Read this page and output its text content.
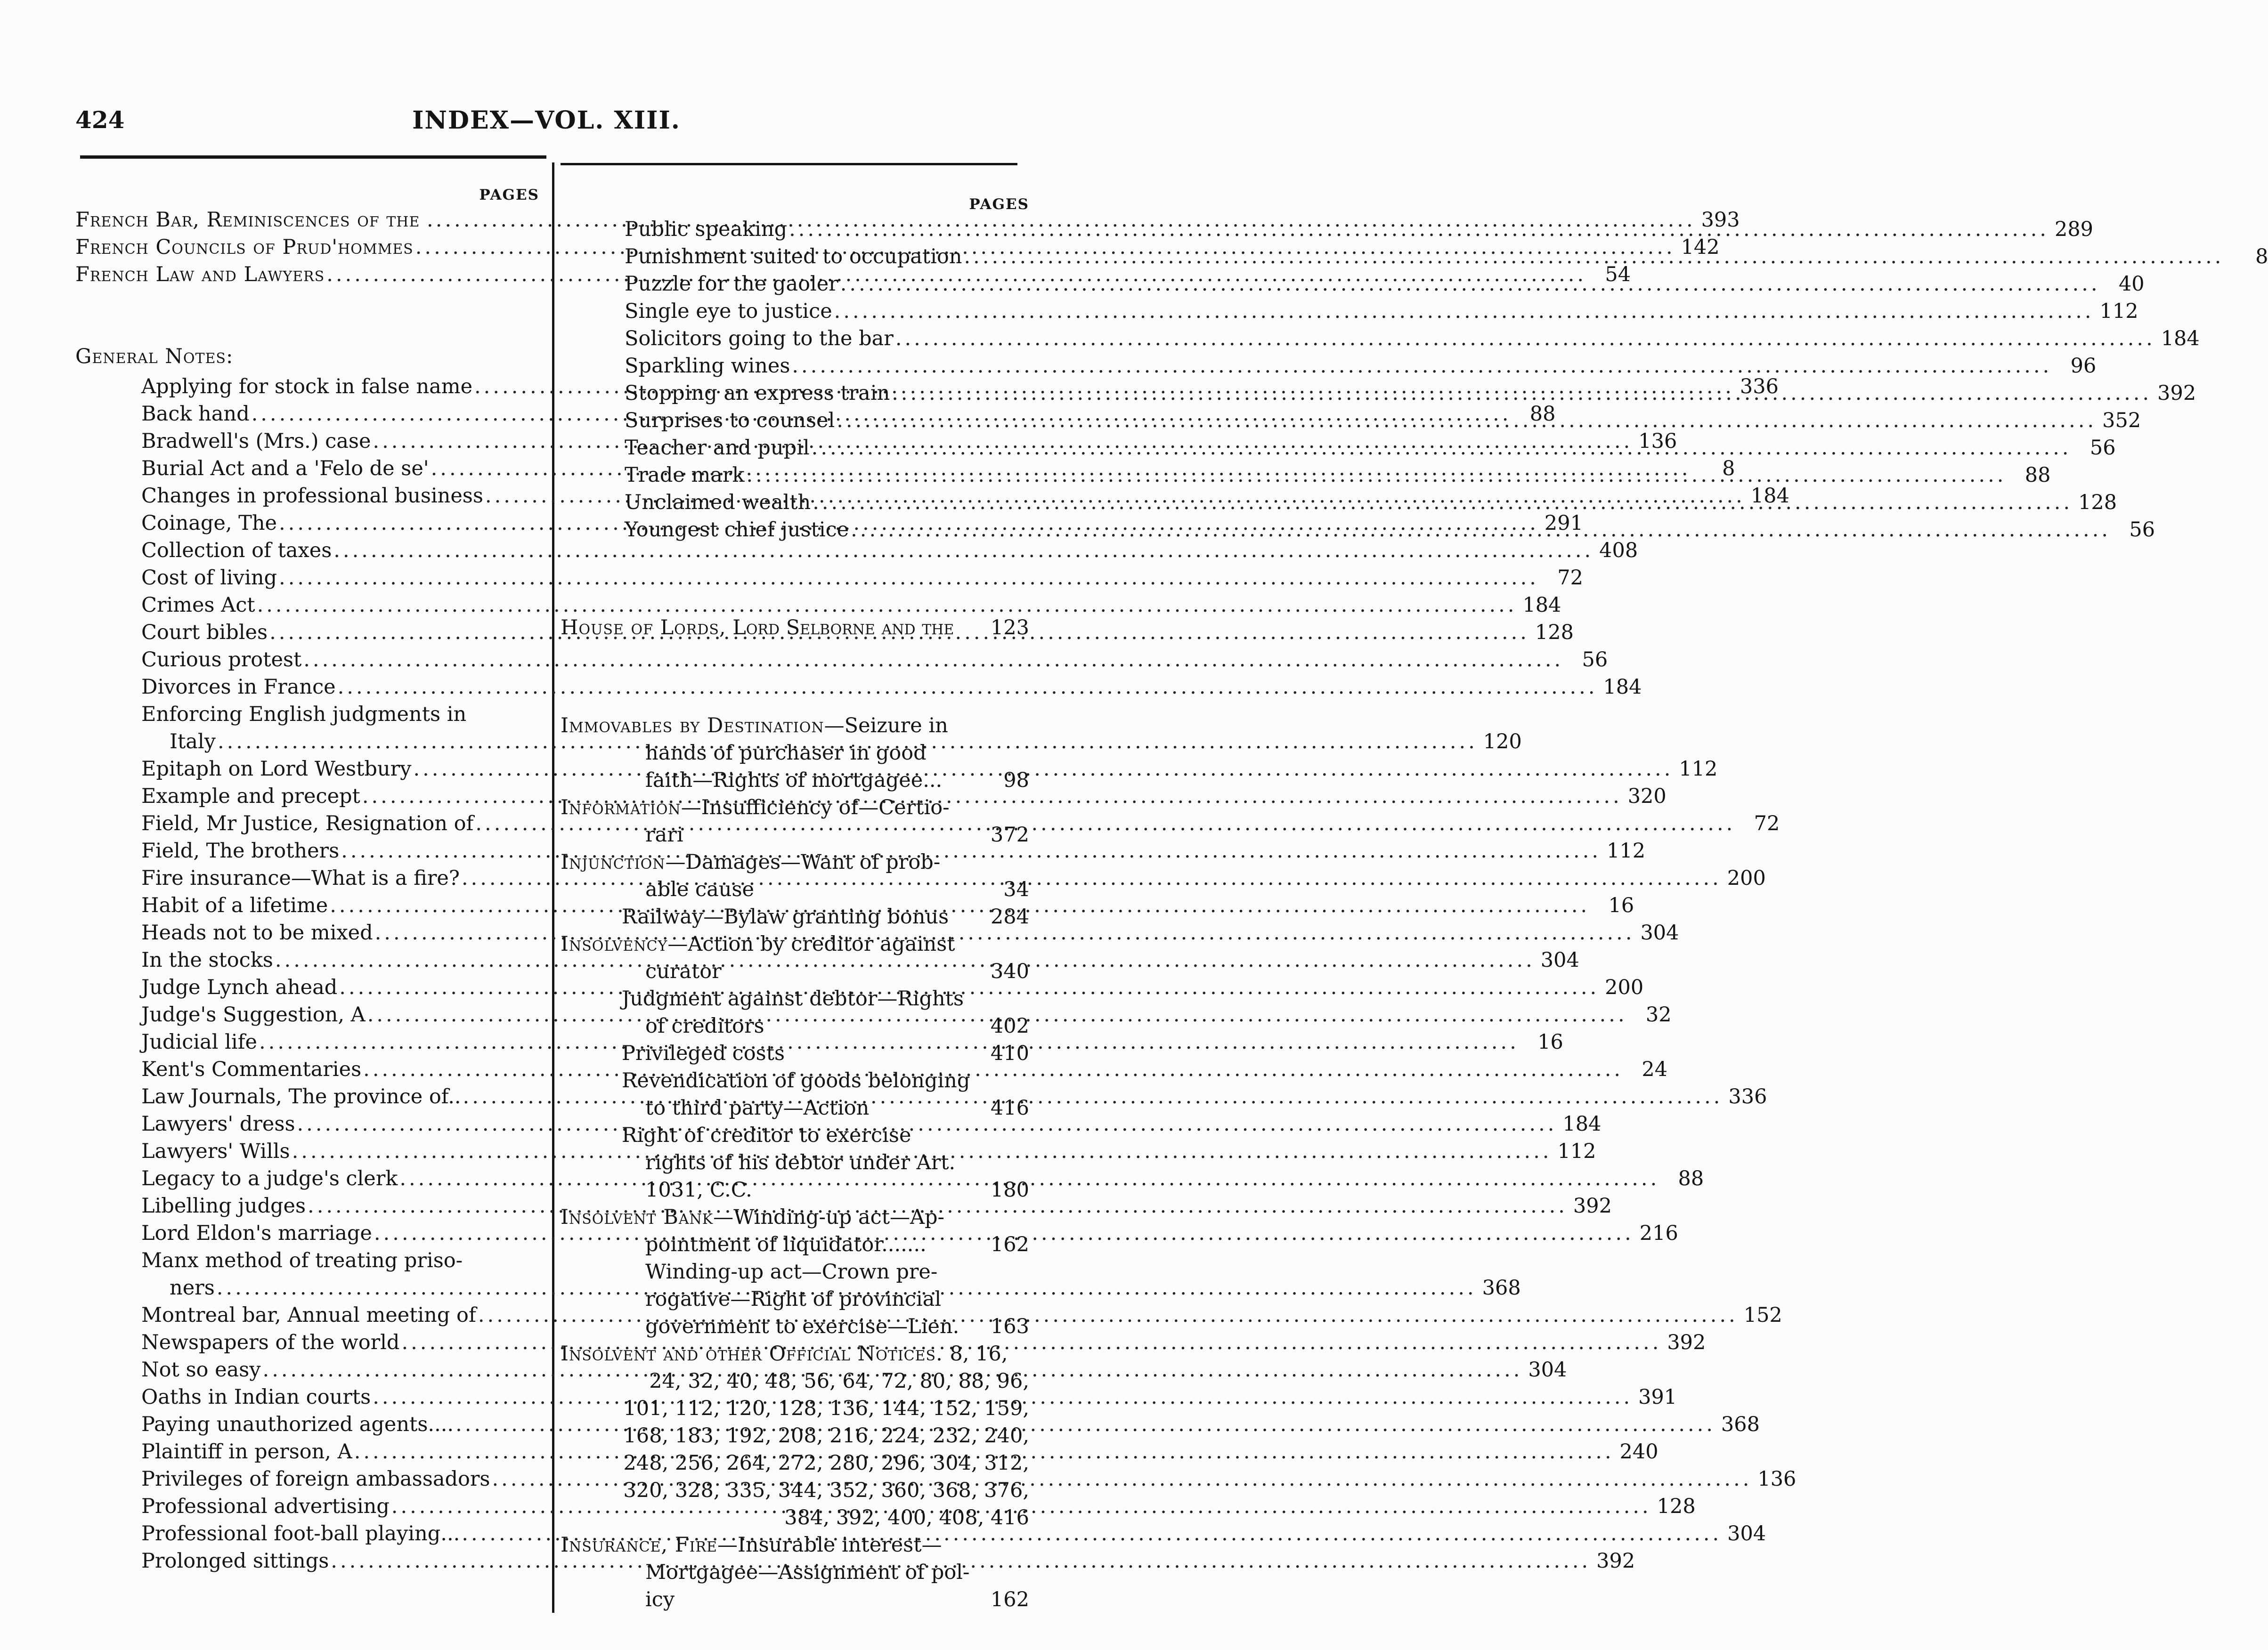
424	INDEX—VOL. XIII.
PAGES
French Bar, Reminiscences of the . .....	393
French Councils of Prud'hommes .....	142
French Law and Lawyers .....	54
General Notes:
Applying for stock in false name .....	336
Back hand .....	88
Bradwell's (Mrs.) case .....	136
Burial Act and a 'Felo de se' .....	8
Changes in professional business .....	184
Coinage, The .....	291
Collection of taxes .....	408
Cost of living .....	72
Crimes Act .....	184
Court bibles .....	128
Curious protest .....	56
Divorces in France .....	184
Enforcing English judgments in
Italy .....	120
Epitaph on Lord Westbury .....	112
Example and precept .....	320
Field, Mr Justice, Resignation of .....	72
Field, The brothers .....	112
Fire insurance—What is a fire? .....	200
Habit of a lifetime .....	16
Heads not to be mixed .....	304
In the stocks .....	304
Judge Lynch ahead .....	200
Judge's Suggestion, A .....	32
Judicial life .....	16
Kent's Commentaries .....	24
Law Journals, The province of.. .....	336
Lawyers' dress .....	184
Lawyers' Wills .....	112
Legacy to a judge's clerk .....	88
Libelling judges .....	392
Lord Eldon's marriage .....	216
Manx method of treating priso-
ners .....	368
Montreal bar, Annual meeting of .....	152
Newspapers of the world .....	392
Not so easy .....	304
Oaths in Indian courts .....	391
Paying unauthorized agents.... .....	368
Plaintiff in person, A .....	240
Privileges of foreign ambassadors .....	136
Professional advertising .....	128
Professional foot-ball playing... .....	304
Prolonged sittings .....	392
PAGES
Public speaking .....	289
Punishment suited to occupation .....	8
Puzzle for the gaoler .....	40
Single eye to justice .....	112
Solicitors going to the bar .....	184
Sparkling wines .....	96
Stopping an express train .....	392
Surprises to counsel .....	352
Teacher and pupil .....	56
Trade mark .....	88
Unclaimed wealth .....	128
Youngest chief justice .....	56
House of Lords, Lord Selborne and the 123
Immovables by Destination—Seizure in
hands of purchaser in good
faith—Rights of mortgagee...	98
Information—Insufficiency of—Certio-
rari	372
Injunction—Damages—Want of prob-
able cause	34
Railway—Bylaw granting bonus 284
Insolvency—Action by creditor against
curator	340
Judgment against debtor—Rights
of creditors	402
Privileged costs	410
Revendication of goods belonging
to third party—Action	416
Right of creditor to exercise
rights of his debtor under Art.
1031, C.C.	180
Insolvent Bank—Winding-up act—Ap-
pointment of liquidator.......	162
Winding-up act—Crown pre-
rogative—Right of provincial
government to exercise—Lien. 163
Insolvent and other Official Notices. 8, 16,
24, 32, 40, 48, 56, 64, 72, 80, 88, 96,
101, 112, 120, 128, 136, 144, 152, 159,
168, 183, 192, 208, 216, 224, 232, 240,
248, 256, 264, 272, 280, 296, 304, 312,
320, 328, 335, 344, 352, 360, 368, 376,
384, 392, 400, 408, 416
Insurance, Fire—Insurable interest—
Mortgagee—Assignment of pol-
icy	162
